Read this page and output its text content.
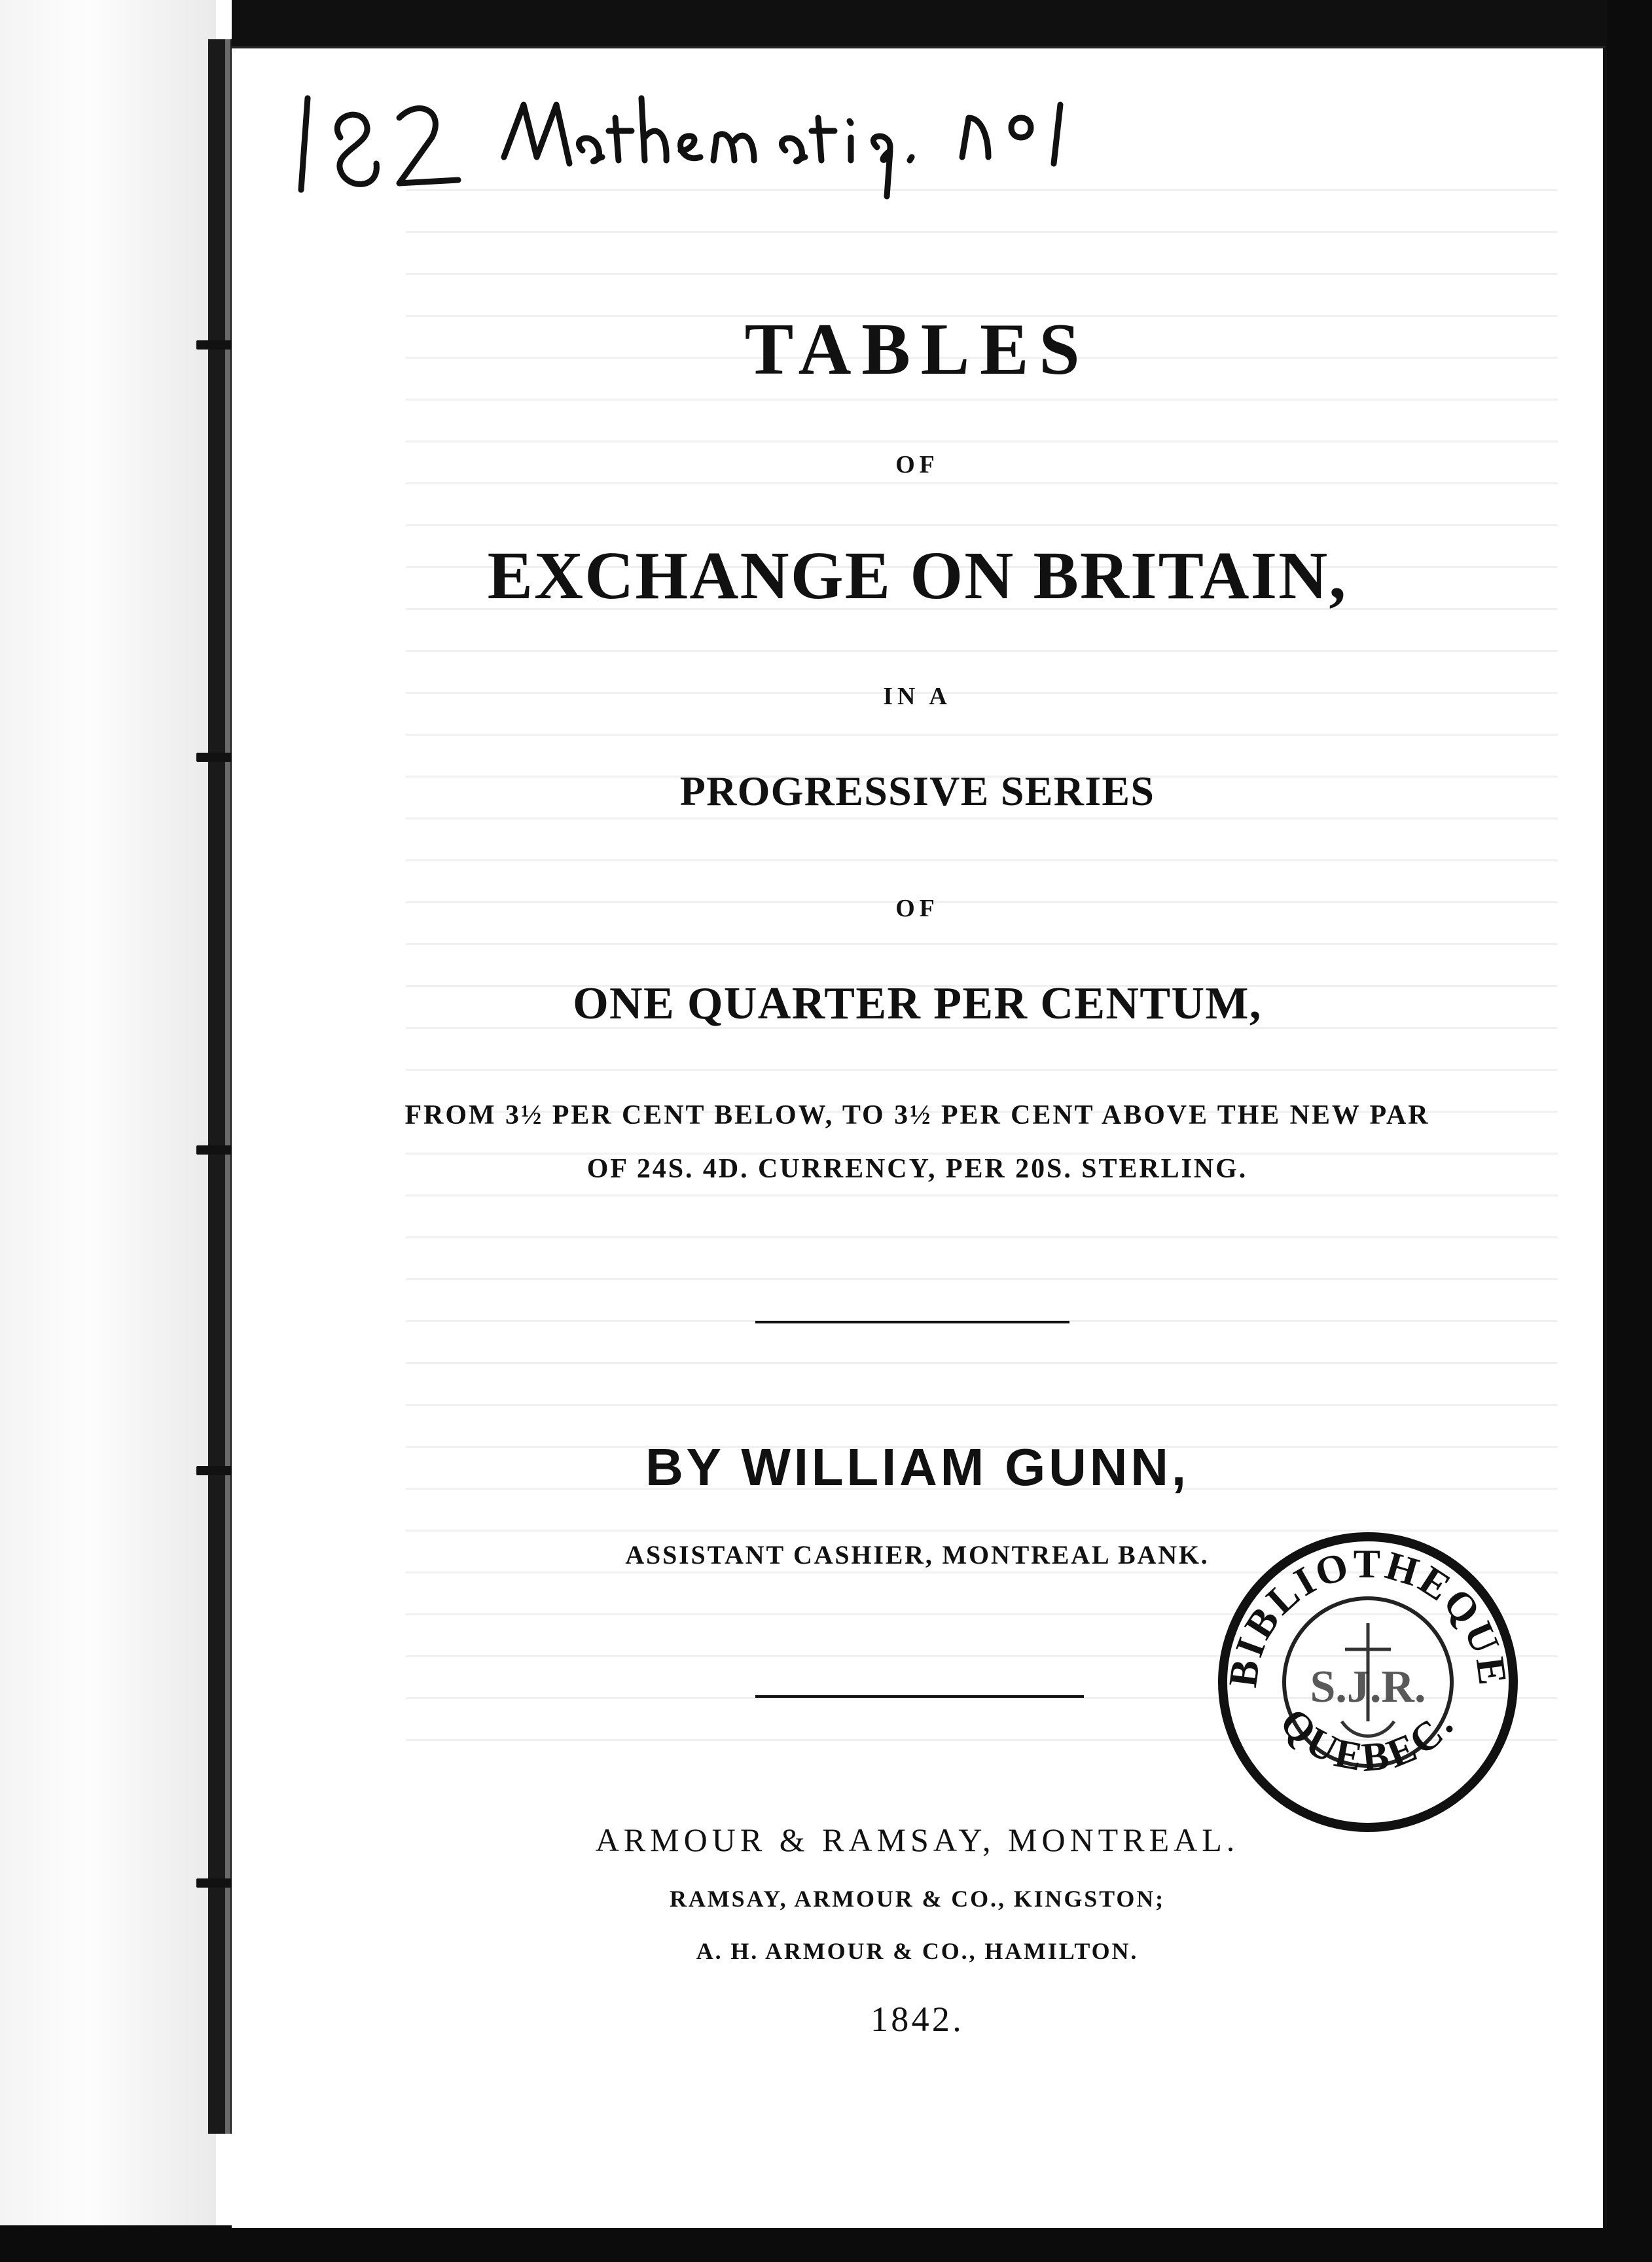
TABLES
OF
EXCHANGE ON BRITAIN,
IN A
PROGRESSIVE SERIES
OF
ONE QUARTER PER CENTUM,
FROM 3½ PER CENT BELOW, TO 3½ PER CENT ABOVE THE NEW PAR
OF 24S. 4D. CURRENCY, PER 20S. STERLING.
BY WILLIAM GUNN,
ASSISTANT CASHIER, MONTREAL BANK.
BIBLIOTHEQUE
QUEBEC.
S.J.R.
ARMOUR & RAMSAY, MONTREAL.
RAMSAY, ARMOUR & CO., KINGSTON;
A. H. ARMOUR & CO., HAMILTON.
1842.
